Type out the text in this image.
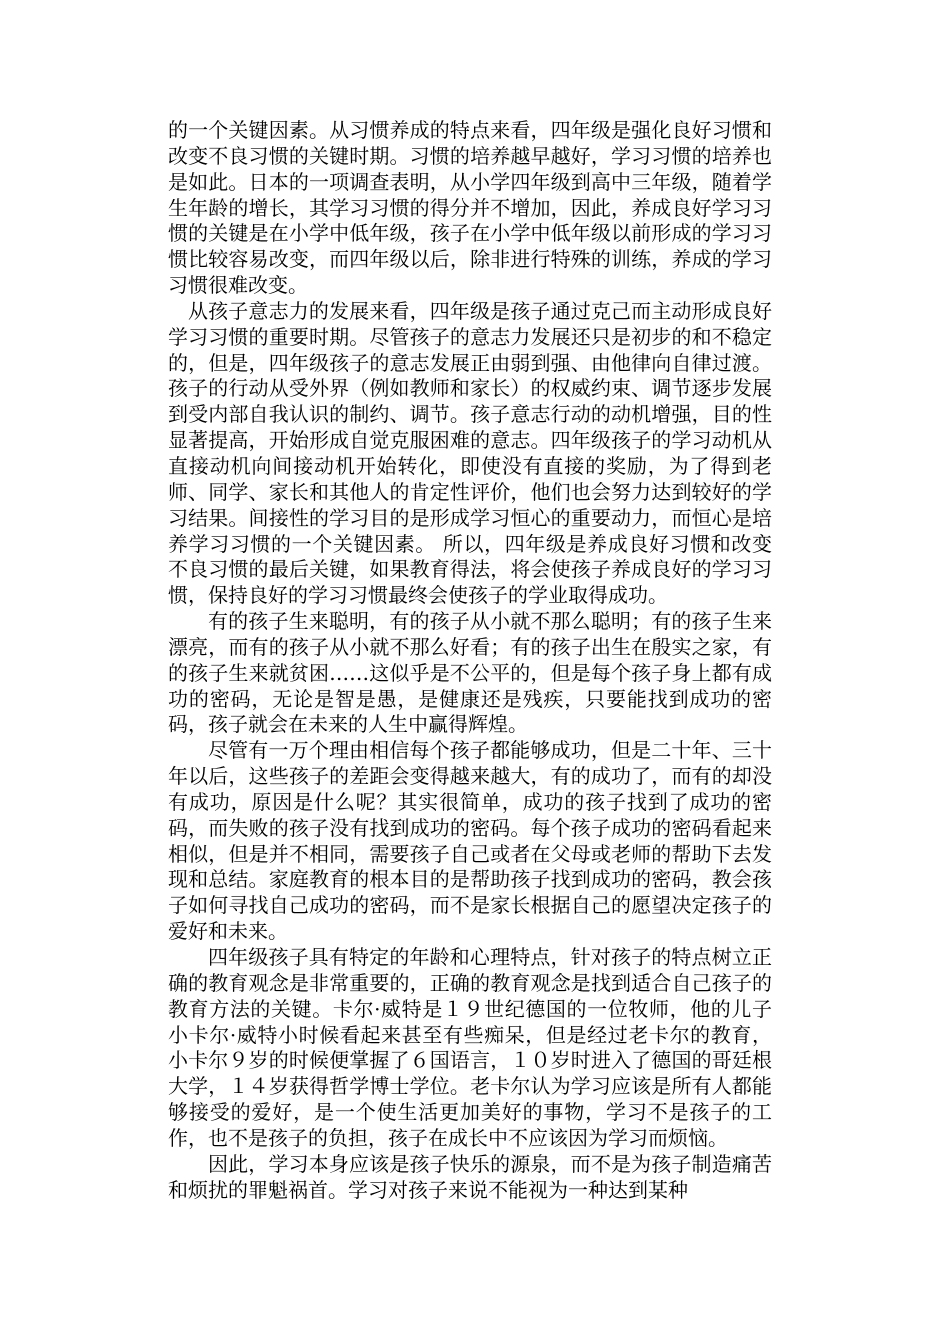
的一个关键因素。从习惯养成的特点来看，四年级是强化良好习惯和改变不良习惯的关键时期。习惯的培养越早越好，学习习惯的培养也是如此。日本的一项调查表明，从小学四年级到高中三年级，随着学生年龄的增长，其学习习惯的得分并不增加，因此，养成良好学习习惯的关键是在小学中低年级，孩子在小学中低年级以前形成的学习习惯比较容易改变，而四年级以后，除非进行特殊的训练，养成的学习习惯很难改变。

从孩子意志力的发展来看，四年级是孩子通过克己而主动形成良好学习习惯的重要时期。尽管孩子的意志力发展还只是初步的和不稳定的，但是，四年级孩子的意志发展正由弱到强、由他律向自律过渡。孩子的行动从受外界（例如教师和家长）的权威约束、调节逐步发展到受内部自我认识的制约、调节。孩子意志行动的动机增强，目的性显著提高，开始形成自觉克服困难的意志。四年级孩子的学习动机从直接动机向间接动机开始转化，即使没有直接的奖励，为了得到老师、同学、家长和其他人的肯定性评价，他们也会努力达到较好的学习结果。间接性的学习目的是形成学习恒心的重要动力，而恒心是培养学习习惯的一个关键因素。 所以，四年级是养成良好习惯和改变不良习惯的最后关键，如果教育得法，将会使孩子养成良好的学习习惯，保持良好的学习习惯最终会使孩子的学业取得成功。

有的孩子生来聪明，有的孩子从小就不那么聪明；有的孩子生来漂亮，而有的孩子从小就不那么好看；有的孩子出生在殷实之家，有的孩子生来就贫困……这似乎是不公平的，但是每个孩子身上都有成功的密码，无论是智是愚，是健康还是残疾，只要能找到成功的密码，孩子就会在未来的人生中赢得辉煌。

尽管有一万个理由相信每个孩子都能够成功，但是二十年、三十年以后，这些孩子的差距会变得越来越大，有的成功了，而有的却没有成功，原因是什么呢？其实很简单，成功的孩子找到了成功的密码，而失败的孩子没有找到成功的密码。每个孩子成功的密码看起来相似，但是并不相同，需要孩子自己或者在父母或老师的帮助下去发现和总结。家庭教育的根本目的是帮助孩子找到成功的密码，教会孩子如何寻找自己成功的密码，而不是家长根据自己的愿望决定孩子的爱好和未来。

四年级孩子具有特定的年龄和心理特点，针对孩子的特点树立正确的教育观念是非常重要的，正确的教育观念是找到适合自己孩子的教育方法的关键。卡尔·威特是１９世纪德国的一位牧师，他的儿子小卡尔·威特小时候看起来甚至有些痴呆，但是经过老卡尔的教育，小卡尔９岁的时候便掌握了６国语言，１０岁时进入了德国的哥廷根大学，１４岁获得哲学博士学位。老卡尔认为学习应该是所有人都能够接受的爱好，是一个使生活更加美好的事物，学习不是孩子的工作，也不是孩子的负担，孩子在成长中不应该因为学习而烦恼。

因此，学习本身应该是孩子快乐的源泉，而不是为孩子制造痛苦和烦扰的罪魁祸首。学习对孩子来说不能视为一种达到某种
